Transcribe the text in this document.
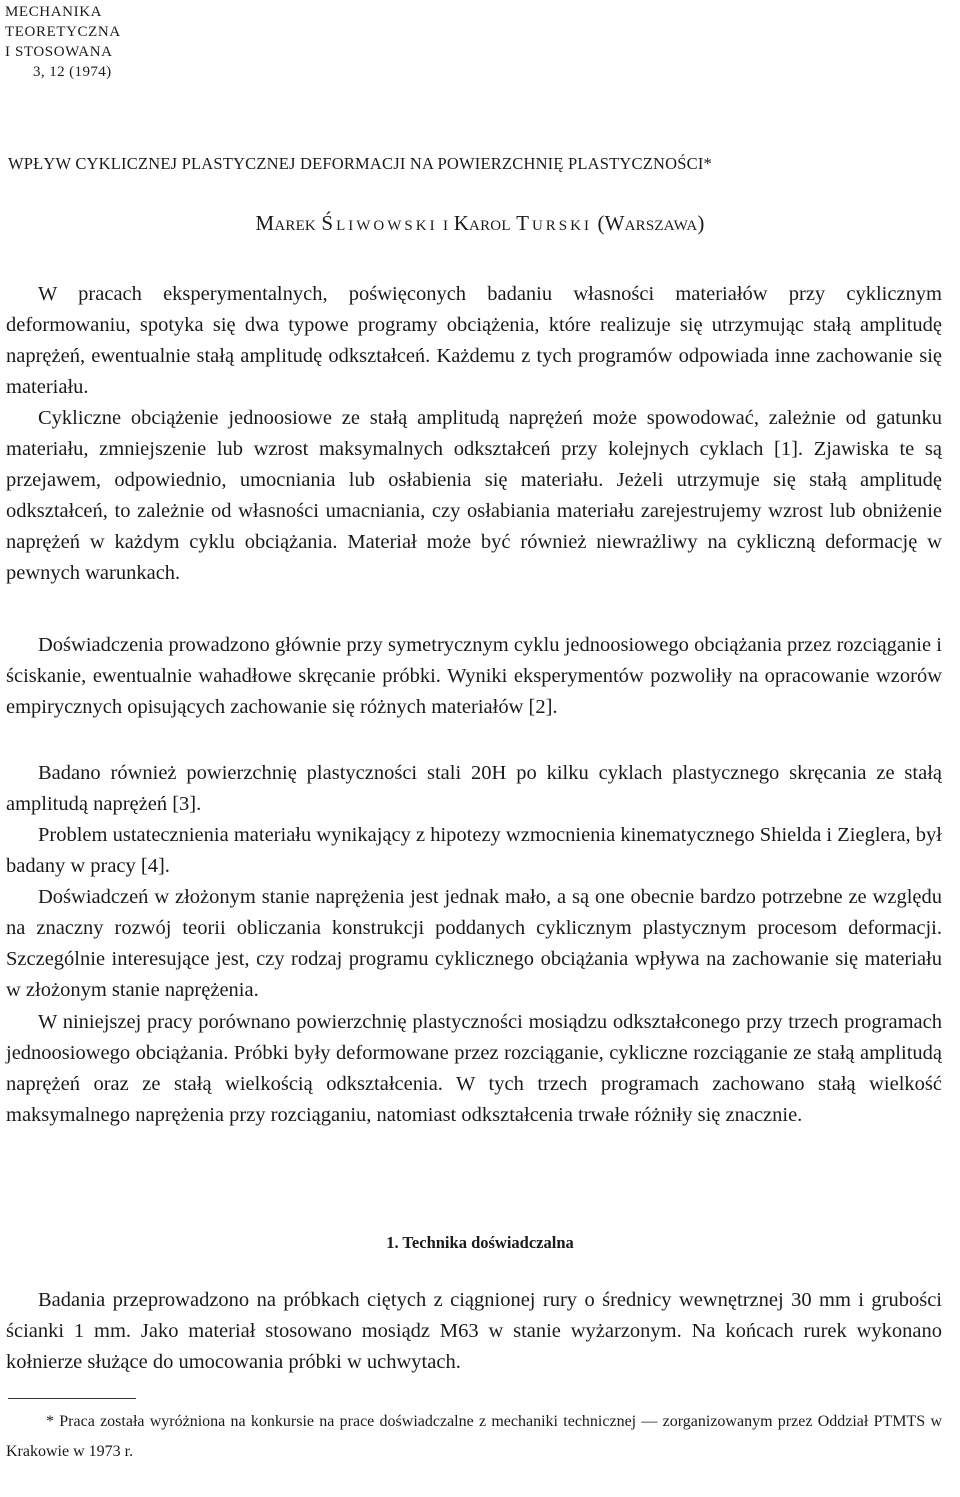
MECHANIKA
TEORETYCZNA
I STOSOWANA
3, 12 (1974)
WPŁYW CYKLICZNEJ PLASTYCZNEJ DEFORMACJI NA POWIERZCHNIĘ PLASTYCZNOŚCI*
Marek Śliwowski i Karol Turski (Warszawa)

W pracach eksperymentalnych, poświęconych badaniu własności materiałów przy cyklicznym deformowaniu, spotyka się dwa typowe programy obciążenia, które realizuje się utrzymując stałą amplitudę naprężeń, ewentualnie stałą amplitudę odkształceń. Każdemu z tych programów odpowiada inne zachowanie się materiału.

Cykliczne obciążenie jednoosiowe ze stałą amplitudą naprężeń może spowodować, zależnie od gatunku materiału, zmniejszenie lub wzrost maksymalnych odkształceń przy kolejnych cyklach [1]. Zjawiska te są przejawem, odpowiednio, umocniania lub osłabienia się materiału. Jeżeli utrzymuje się stałą amplitudę odkształceń, to zależnie od własności umacniania, czy osłabiania materiału zarejestrujemy wzrost lub obniżenie naprężeń w każdym cyklu obciążania. Materiał może być również niewrażliwy na cykliczną deformację w pewnych warunkach.

Doświadczenia prowadzono głównie przy symetrycznym cyklu jednoosiowego obciążania przez rozciąganie i ściskanie, ewentualnie wahadłowe skręcanie próbki. Wyniki eksperymentów pozwoliły na opracowanie wzorów empirycznych opisujących zachowanie się różnych materiałów [2].

Badano również powierzchnię plastyczności stali 20H po kilku cyklach plastycznego skręcania ze stałą amplitudą naprężeń [3].

Problem ustatecznienia materiału wynikający z hipotezy wzmocnienia kinematycznego Shielda i Zieglera, był badany w pracy [4].

Doświadczeń w złożonym stanie naprężenia jest jednak mało, a są one obecnie bardzo potrzebne ze względu na znaczny rozwój teorii obliczania konstrukcji poddanych cyklicznym plastycznym procesom deformacji. Szczególnie interesujące jest, czy rodzaj programu cyklicznego obciążania wpływa na zachowanie się materiału w złożonym stanie naprężenia.

W niniejszej pracy porównano powierzchnię plastyczności mosiądzu odkształconego przy trzech programach jednoosiowego obciążania. Próbki były deformowane przez rozciąganie, cykliczne rozciąganie ze stałą amplitudą naprężeń oraz ze stałą wielkością odkształcenia. W tych trzech programach zachowano stałą wielkość maksymalnego naprężenia przy rozciąganiu, natomiast odkształcenia trwałe różniły się znacznie.

1. Technika doświadczalna

Badania przeprowadzono na próbkach ciętych z ciągnionej rury o średnicy wewnętrznej 30 mm i grubości ścianki 1 mm. Jako materiał stosowano mosiądz M63 w stanie wyżarzonym. Na końcach rurek wykonano kołnierze służące do umocowania próbki w uchwytach.

* Praca została wyróżniona na konkursie na prace doświadczalne z mechaniki technicznej — zorganizowanym przez Oddział PTMTS w Krakowie w 1973 r.
